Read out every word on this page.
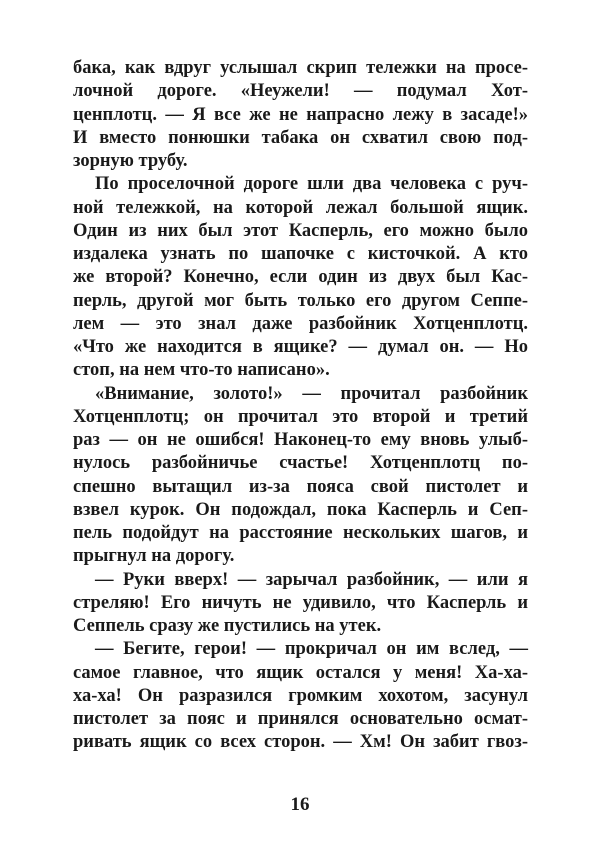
бака, как вдруг услышал скрип тележки на просе-
лочной дороге. «Неужели! — подумал Хот-
ценплотц. — Я все же не напрасно лежу в засаде!»
И вместо понюшки табака он схватил свою под-
зорную трубу.
По проселочной дороге шли два человека с руч-
ной тележкой, на которой лежал большой ящик.
Один из них был этот Касперль, его можно было
издалека узнать по шапочке с кисточкой. А кто
же второй? Конечно, если один из двух был Кас-
перль, другой мог быть только его другом Сеппе-
лем — это знал даже разбойник Хотценплотц.
«Что же находится в ящике? — думал он. — Но
стоп, на нем что-то написано».
«Внимание, золото!» — прочитал разбойник
Хотценплотц; он прочитал это второй и третий
раз — он не ошибся! Наконец-то ему вновь улыб-
нулось разбойничье счастье! Хотценплотц по-
спешно вытащил из-за пояса свой пистолет и
взвел курок. Он подождал, пока Касперль и Сеп-
пель подойдут на расстояние нескольких шагов, и
прыгнул на дорогу.
— Руки вверх! — зарычал разбойник, — или я
стреляю! Его ничуть не удивило, что Касперль и
Сеппель сразу же пустились на утек.
— Бегите, герои! — прокричал он им вслед, —
самое главное, что ящик остался у меня! Ха-ха-
ха-ха! Он разразился громким хохотом, засунул
пистолет за пояс и принялся основательно осмат-
ривать ящик со всех сторон. — Хм! Он забит гвоз-
16
